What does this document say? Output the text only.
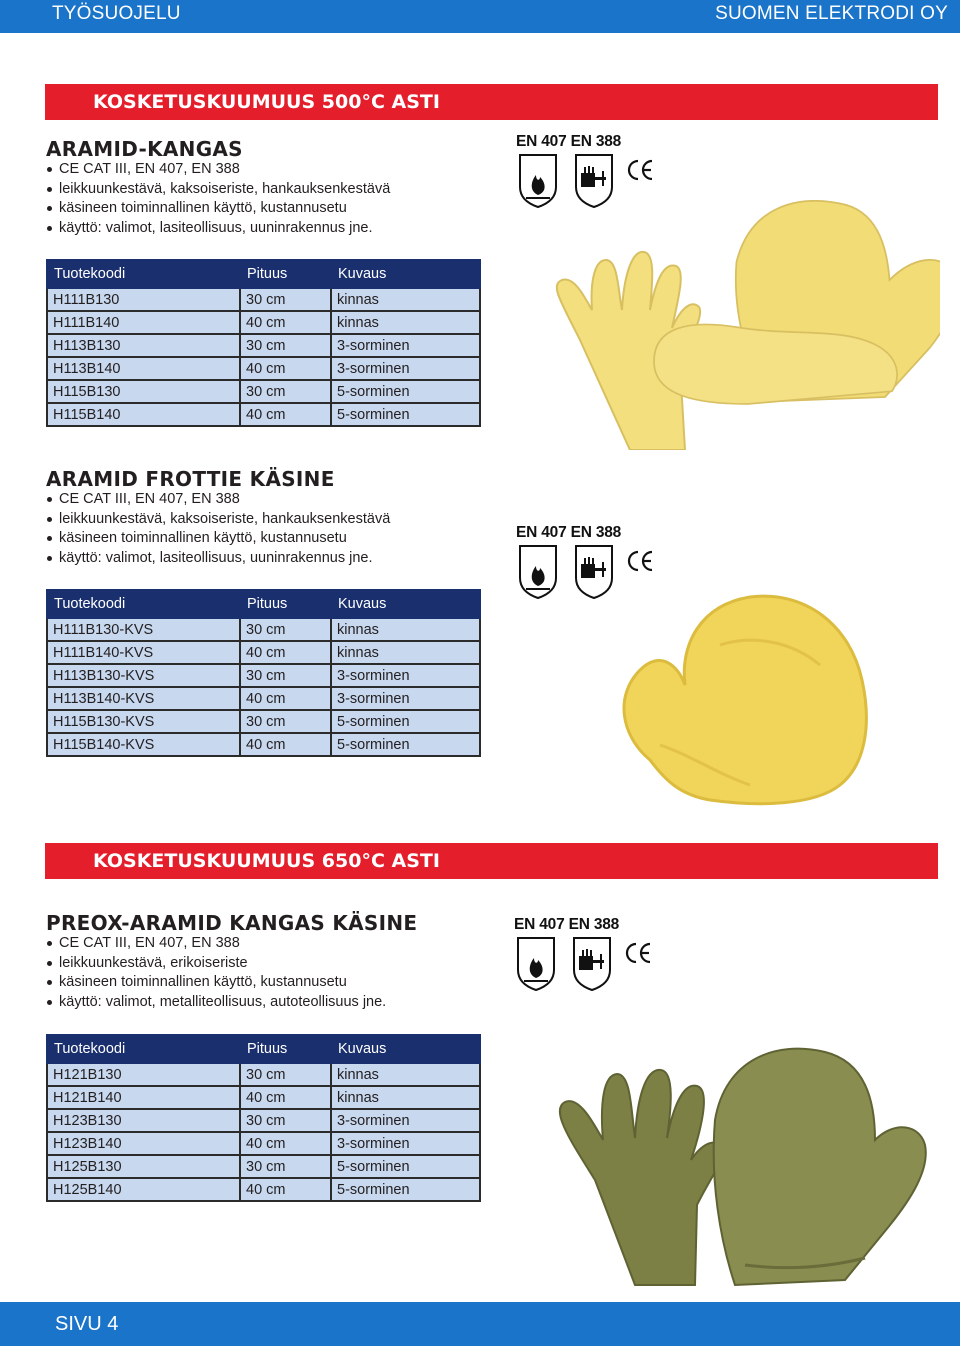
TYÖSUOJELU	SUOMEN ELEKTRODI OY
KOSKETUSKUUMUUS 500°C ASTI
ARAMID-KANGAS
CE CAT III, EN 407, EN 388
leikkuunkestävä, kaksoiseriste, hankauksenkestävä
käsineen toiminnallinen käyttö, kustannusetu
käyttö: valimot, lasiteollisuus, uuninrakennus jne.
Tuotekoodi	Pituus	Kuvaus
H111B130	30 cm	kinnas
H111B140	40 cm	kinnas
H113B130	30 cm	3-sorminen
H113B140	40 cm	3-sorminen
H115B130	30 cm	5-sorminen
H115B140	40 cm	5-sorminen
EN 407 EN 388
ARAMID FROTTIE KÄSINE
CE CAT III, EN 407, EN 388
leikkuunkestävä, kaksoiseriste, hankauksenkestävä
käsineen toiminnallinen käyttö, kustannusetu
käyttö: valimot, lasiteollisuus, uuninrakennus jne.
Tuotekoodi	Pituus	Kuvaus
H111B130-KVS	30 cm	kinnas
H111B140-KVS	40 cm	kinnas
H113B130-KVS	30 cm	3-sorminen
H113B140-KVS	40 cm	3-sorminen
H115B130-KVS	30 cm	5-sorminen
H115B140-KVS	40 cm	5-sorminen
EN 407 EN 388
KOSKETUSKUUMUUS 650°C ASTI
PREOX-ARAMID KANGAS KÄSINE
CE CAT III, EN 407, EN 388
leikkuunkestävä, erikoiseriste
käsineen toiminnallinen käyttö, kustannusetu
käyttö: valimot, metalliteollisuus, autoteollisuus jne.
Tuotekoodi	Pituus	Kuvaus
H121B130	30 cm	kinnas
H121B140	40 cm	kinnas
H123B130	30 cm	3-sorminen
H123B140	40 cm	3-sorminen
H125B130	30 cm	5-sorminen
H125B140	40 cm	5-sorminen
EN 407 EN 388
SIVU 4
